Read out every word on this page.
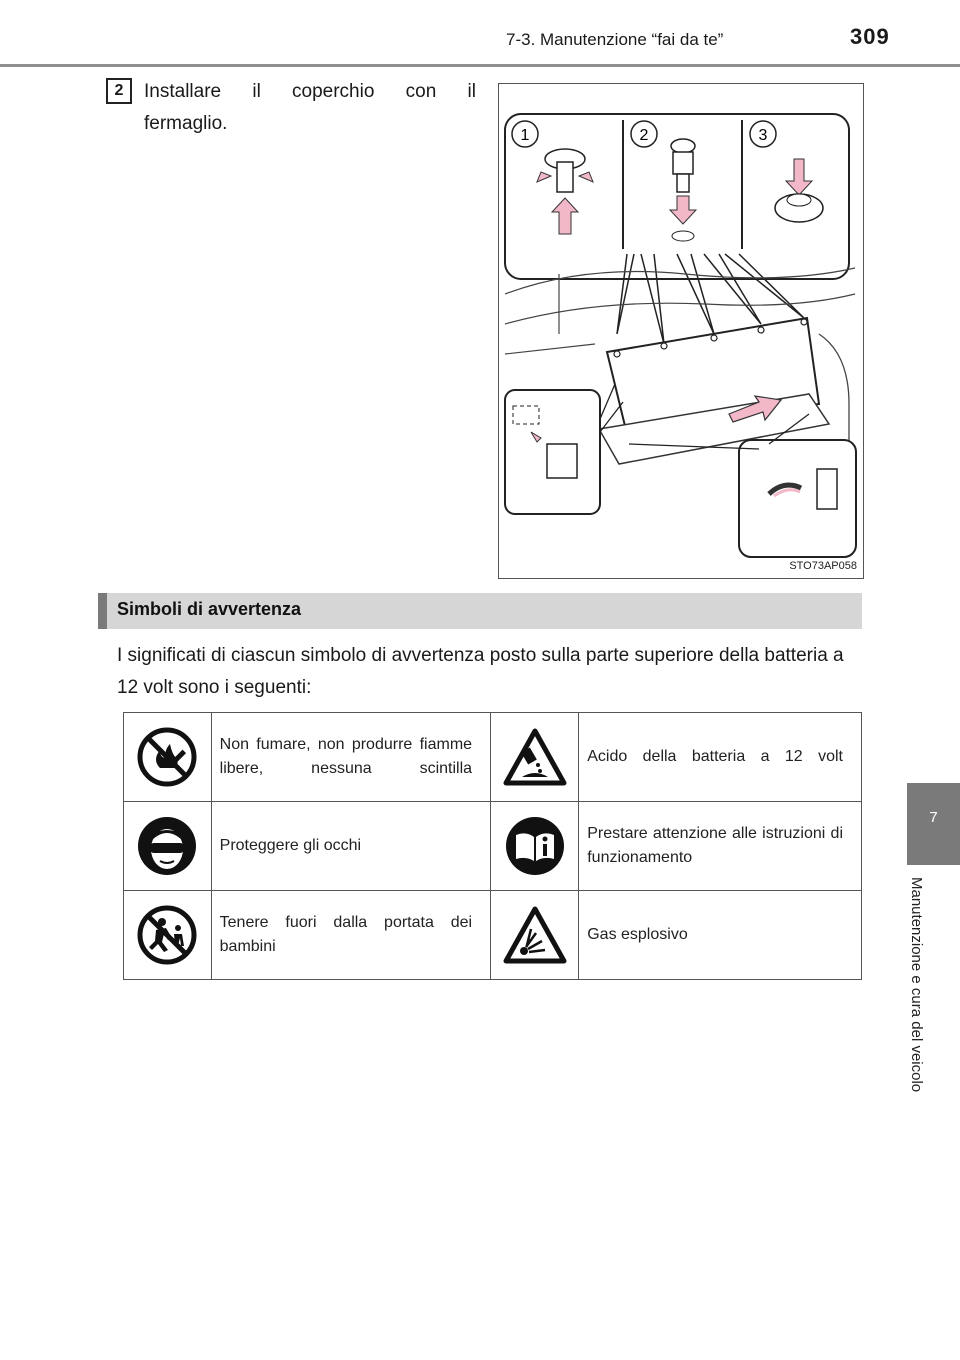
7-3. Manutenzione “fai da te”	309
7
Manutenzione e cura del veicolo
2	Installare il coperchio con il
fermaglio.
1	2	3
STO73AP058
Simboli di avvertenza
I significati di ciascun simbolo di avvertenza posto sulla parte superiore della batteria a 12 volt sono i seguenti:
	Non fumare, non produrre fiamme libere, nessuna scintilla		Acido della batteria a 12 volt

	Proteggere gli occhi		Prestare attenzione alle istruzioni di funzionamento

	Tenere fuori dalla portata dei bambini		Gas esplosivo
